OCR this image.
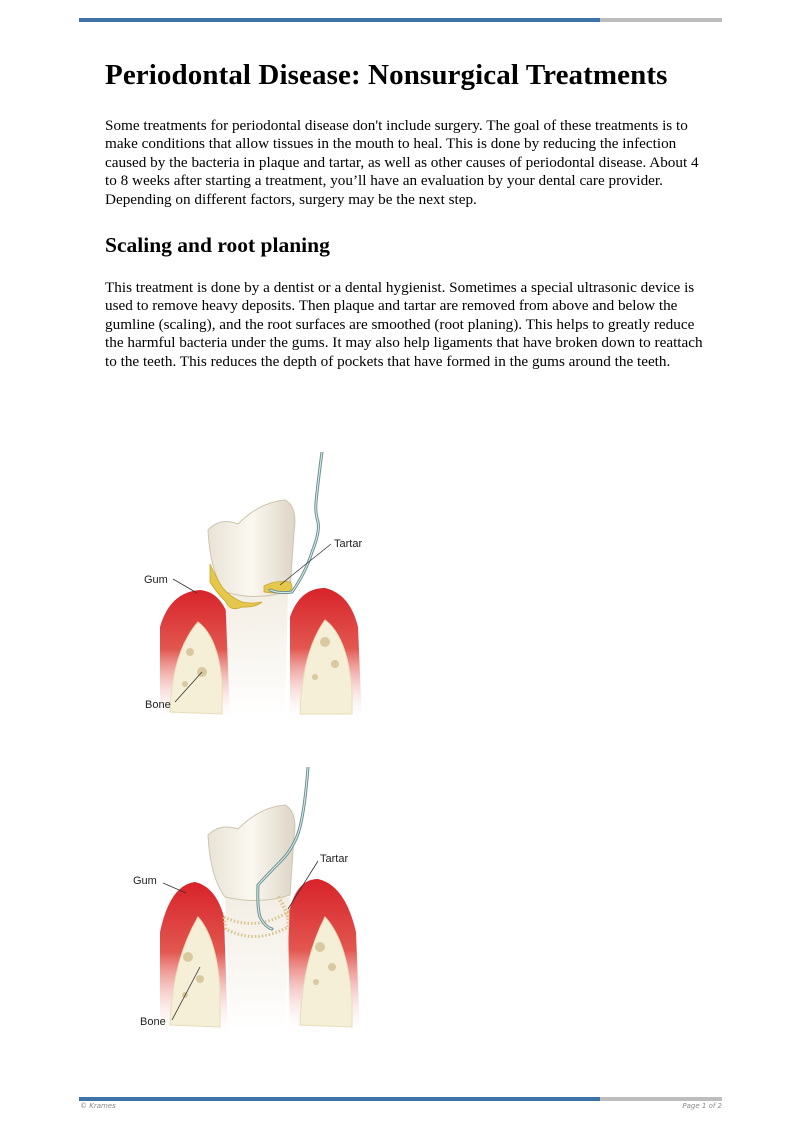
Periodontal Disease: Nonsurgical Treatments

Some treatments for periodontal disease don't include surgery. The goal of these treatments is to make conditions that allow tissues in the mouth to heal. This is done by reducing the infection caused by the bacteria in plaque and tartar, as well as other causes of periodontal disease. About 4 to 8 weeks after starting a treatment, you’ll have an evaluation by your dental care provider. Depending on different factors, surgery may be the next step.

Scaling and root planing

This treatment is done by a dentist or a dental hygienist. Sometimes a special ultrasonic device is used to remove heavy deposits. Then plaque and tartar are removed from above and below the gumline (scaling), and the root surfaces are smoothed (root planing). This helps to greatly reduce the harmful bacteria under the gums. It may also help ligaments that have broken down to reattach to the teeth. This reduces the depth of pockets that have formed in the gums around the teeth.

Tartar
Gum
Bone
Tartar
Gum
Bone
© Krames	Page 1 of 2
